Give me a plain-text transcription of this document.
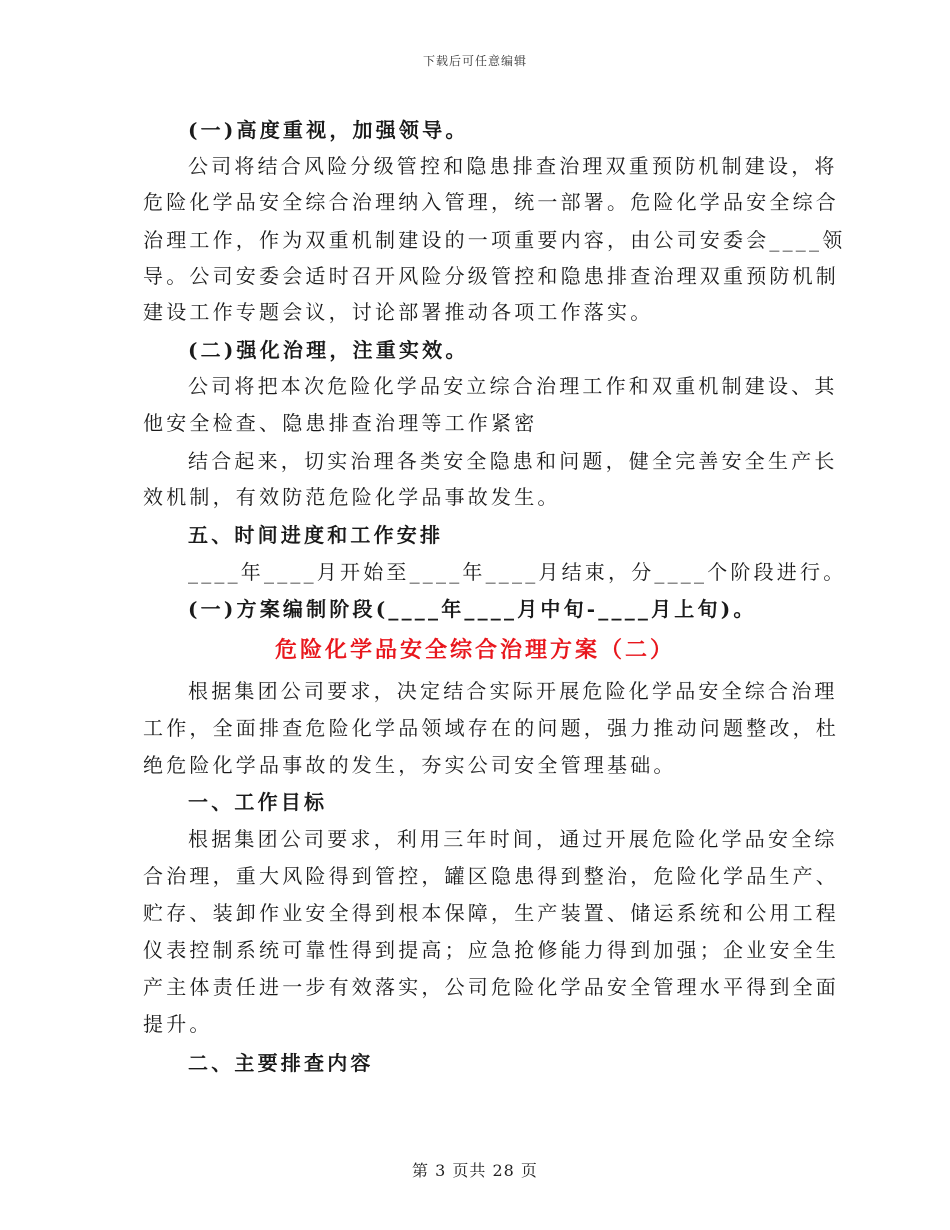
下载后可任意编辑
(一)高度重视，加强领导。
公司将结合风险分级管控和隐患排查治理双重预防机制建设，将
危险化学品安全综合治理纳入管理，统一部署。危险化学品安全综合
治理工作，作为双重机制建设的一项重要内容，由公司安委会____领
导。公司安委会适时召开风险分级管控和隐患排查治理双重预防机制
建设工作专题会议，讨论部署推动各项工作落实。
(二)强化治理，注重实效。
公司将把本次危险化学品安立综合治理工作和双重机制建设、其
他安全检查、隐患排查治理等工作紧密
结合起来，切实治理各类安全隐患和问题，健全完善安全生产长
效机制，有效防范危险化学品事故发生。
五、时间进度和工作安排
____年____月开始至____年____月结束，分____个阶段进行。
(一)方案编制阶段(____年____月中旬-____月上旬)。
危险化学品安全综合治理方案（二）
根据集团公司要求，决定结合实际开展危险化学品安全综合治理
工作，全面排查危险化学品领域存在的问题，强力推动问题整改，杜
绝危险化学品事故的发生，夯实公司安全管理基础。
一、工作目标
根据集团公司要求，利用三年时间，通过开展危险化学品安全综
合治理，重大风险得到管控，罐区隐患得到整治，危险化学品生产、
贮存、装卸作业安全得到根本保障，生产装置、储运系统和公用工程
仪表控制系统可靠性得到提高；应急抢修能力得到加强；企业安全生
产主体责任进一步有效落实，公司危险化学品安全管理水平得到全面
提升。
二、主要排查内容
第 3 页共 28 页
